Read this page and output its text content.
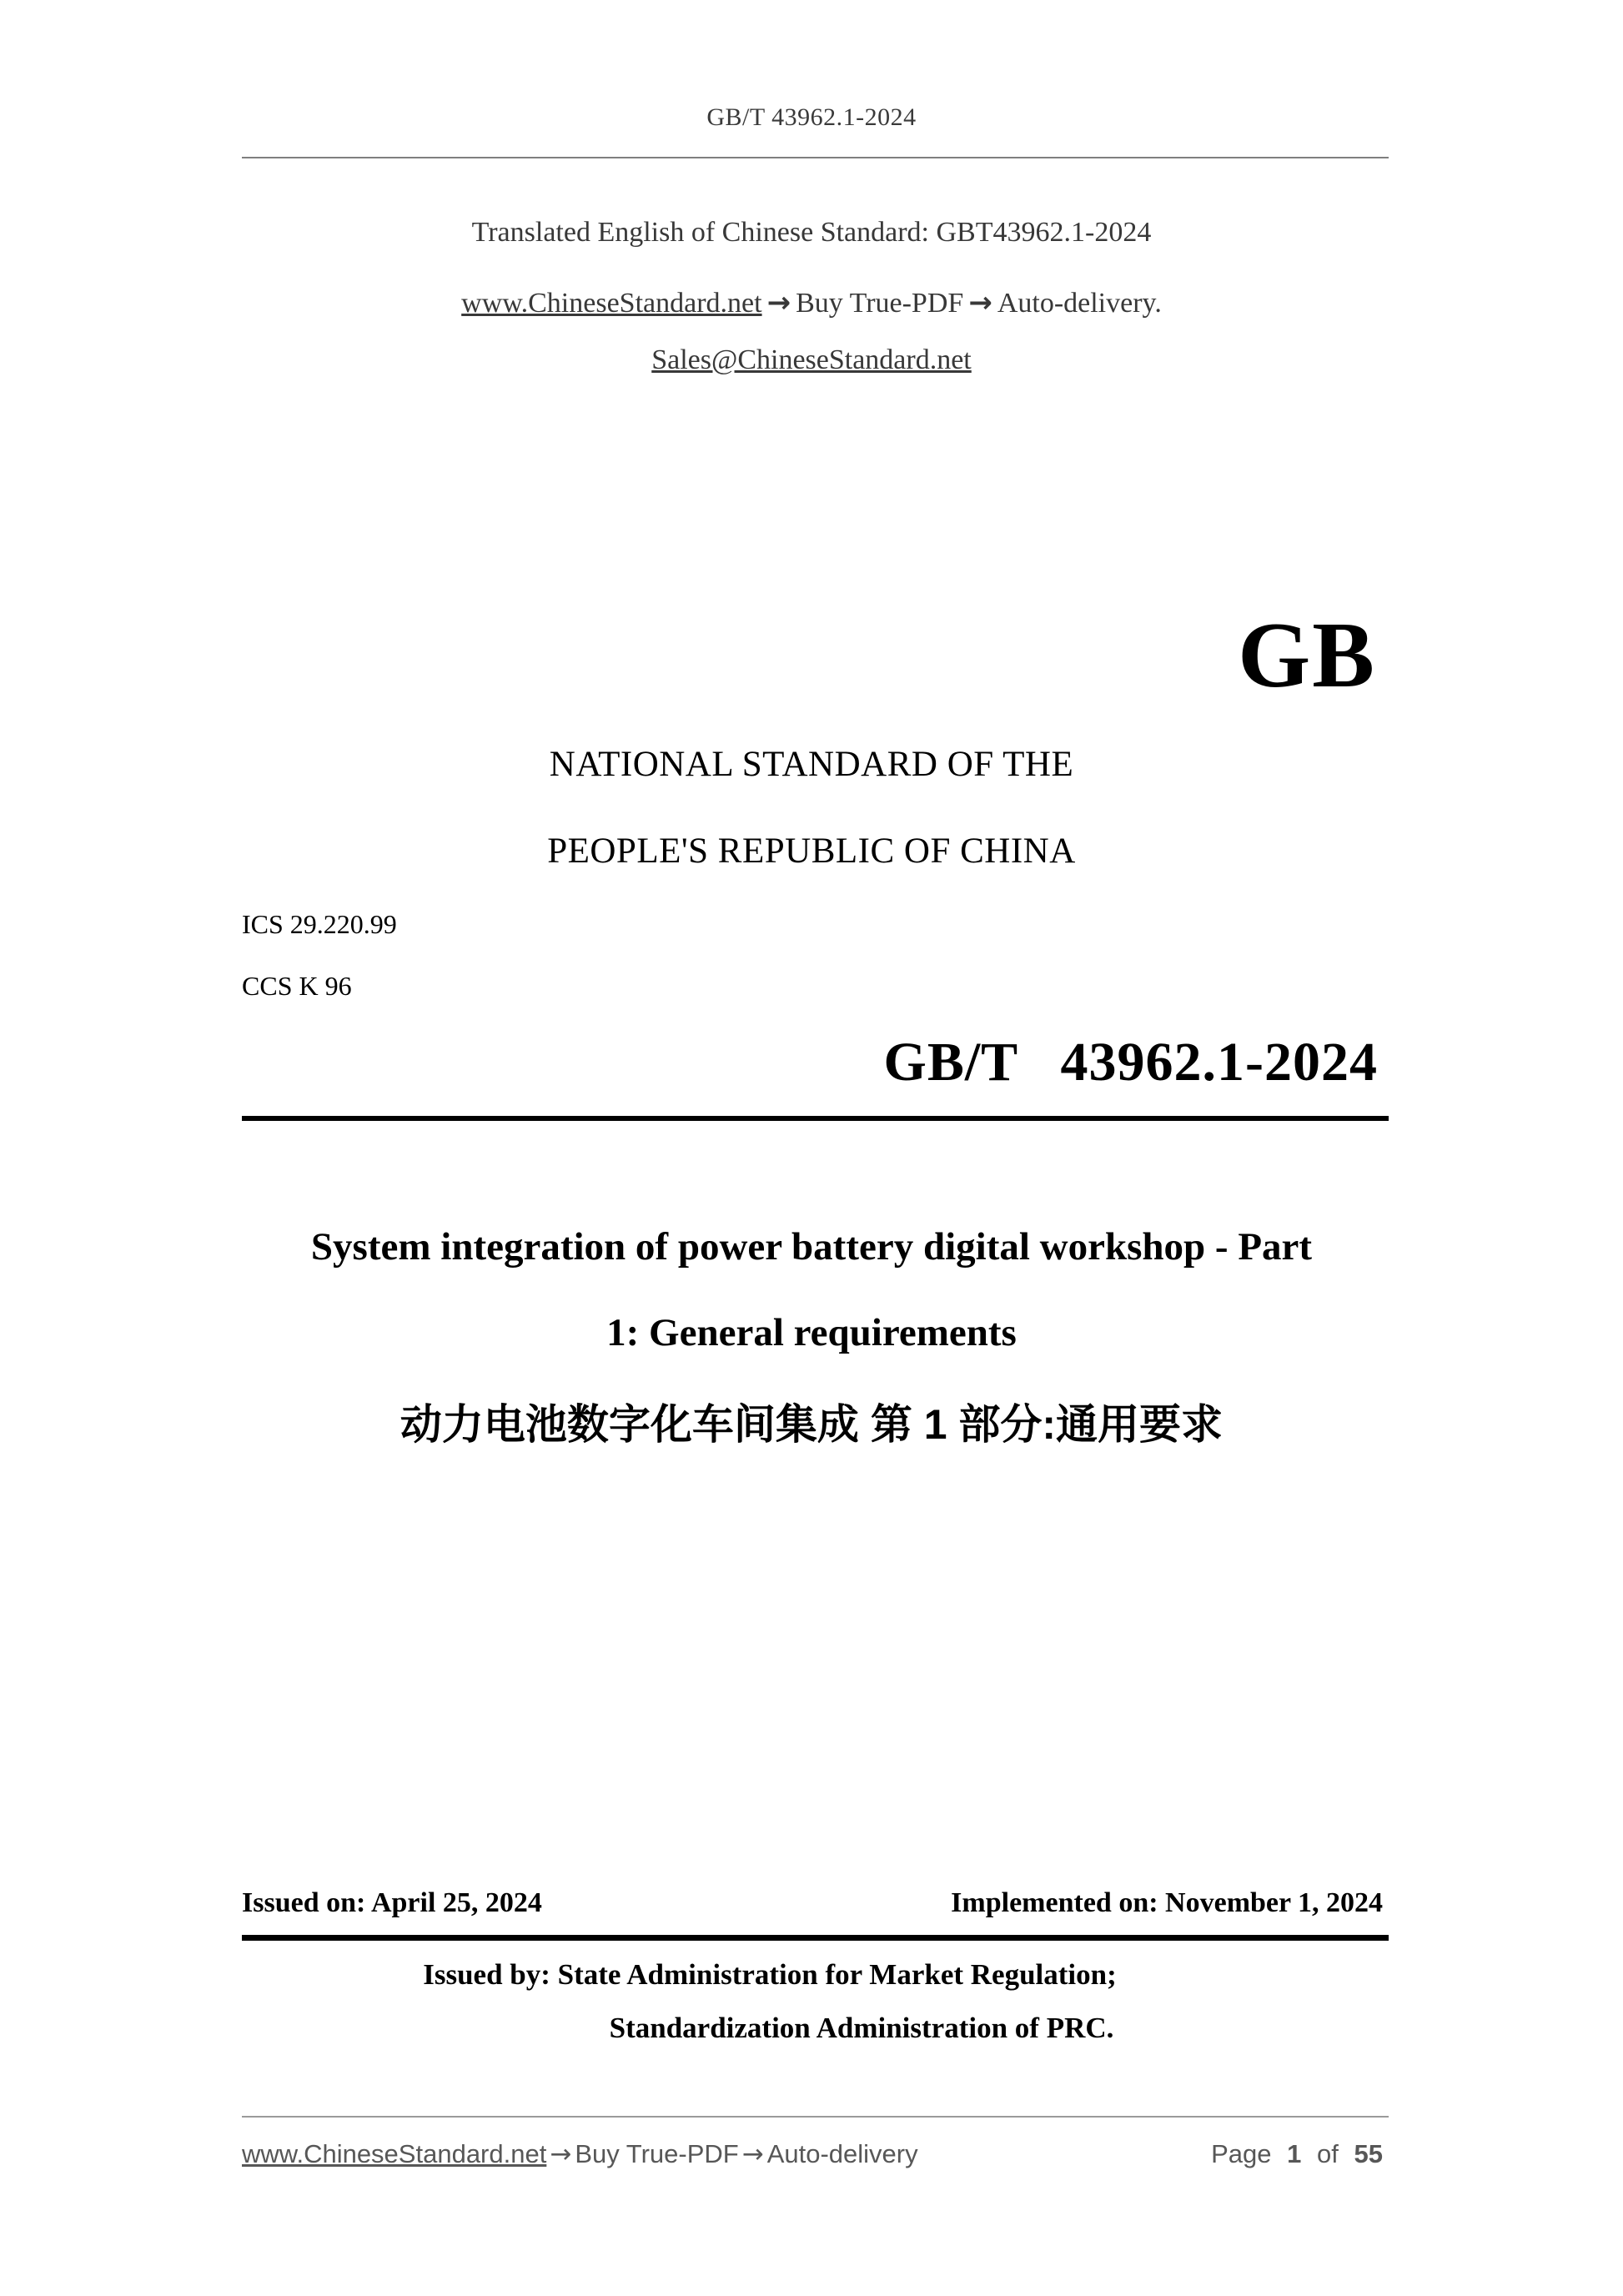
GB/T 43962.1-2024
Translated English of Chinese Standard: GBT43962.1-2024
www.ChineseStandard.net → Buy True-PDF → Auto-delivery.
Sales@ChineseStandard.net
GB
NATIONAL STANDARD OF THE
PEOPLE'S REPUBLIC OF CHINA
ICS 29.220.99
CCS K 96
GB/T 43962.1-2024
System integration of power battery digital workshop - Part
1: General requirements
动力电池数字化车间集成 第 1 部分:通用要求
Issued on: April 25, 2024	Implemented on: November 1, 2024
Issued by: State Administration for Market Regulation;
Standardization Administration of PRC.
www.ChineseStandard.net → Buy True-PDF → Auto-delivery	Page 1 of 55
